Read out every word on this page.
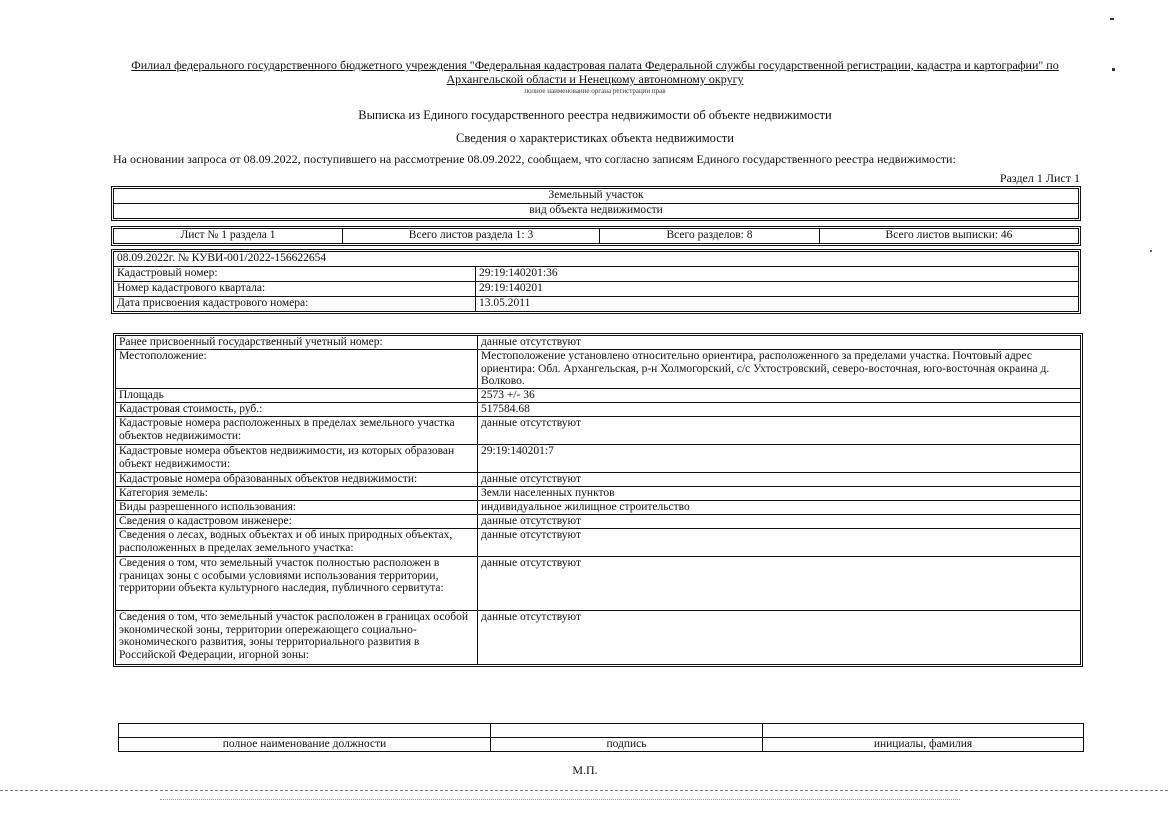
Филиал федерального государственного бюджетного учреждения "Федеральная кадастровая палата Федеральной службы государственной регистрации, кадастра и картографии" по Архангельской области и Ненецкому автономному округу
полное наименование органа регистрации прав
Выписка из Единого государственного реестра недвижимости об объекте недвижимости
Сведения о характеристиках объекта недвижимости
На основании запроса от 08.09.2022, поступившего на рассмотрение 08.09.2022, сообщаем, что согласно записям Единого государственного реестра недвижимости:
Раздел 1 Лист 1
Земельный участок
вид объекта недвижимости
Лист № 1 раздела 1	Всего листов раздела 1: 3	Всего разделов: 8	Всего листов выписки: 46
08.09.2022г. № КУВИ-001/2022-156622654	
Кадастровый номер:	29:19:140201:36
Номер кадастрового квартала:	29:19:140201
Дата присвоения кадастрового номера:	13.05.2011
Ранее присвоенный государственный учетный номер:	данные отсутствуют
Местоположение:	Местоположение установлено относительно ориентира, расположенного за пределами участка. Почтовый адрес ориентира: Обл. Архангельская, р-н Холмогорский, с/с Ухтостровский, северо-восточная, юго-восточная окраина д. Волково.
Площадь	2573 +/- 36
Кадастровая стоимость, руб.:	517584.68
Кадастровые номера расположенных в пределах земельного участка объектов недвижимости:	данные отсутствуют
Кадастровые номера объектов недвижимости, из которых образован объект недвижимости:	29:19:140201:7
Кадастровые номера образованных объектов недвижимости:	данные отсутствуют
Категория земель:	Земли населенных пунктов
Виды разрешенного использования:	индивидуальное жилищное строительство
Сведения о кадастровом инженере:	данные отсутствуют
Сведения о лесах, водных объектах и об иных природных объектах, расположенных в пределах земельного участка:	данные отсутствуют
Сведения о том, что земельный участок полностью расположен в границах зоны с особыми условиями использования территории, территории объекта культурного наследия, публичного сервитута:	данные отсутствуют
Сведения о том, что земельный участок расположен в границах особой экономической зоны, территории опережающего социально-экономического развития, зоны территориального развития в Российской Федерации, игорной зоны:	данные отсутствуют

полное наименование должности	подпись	инициалы, фамилия
М.П.
